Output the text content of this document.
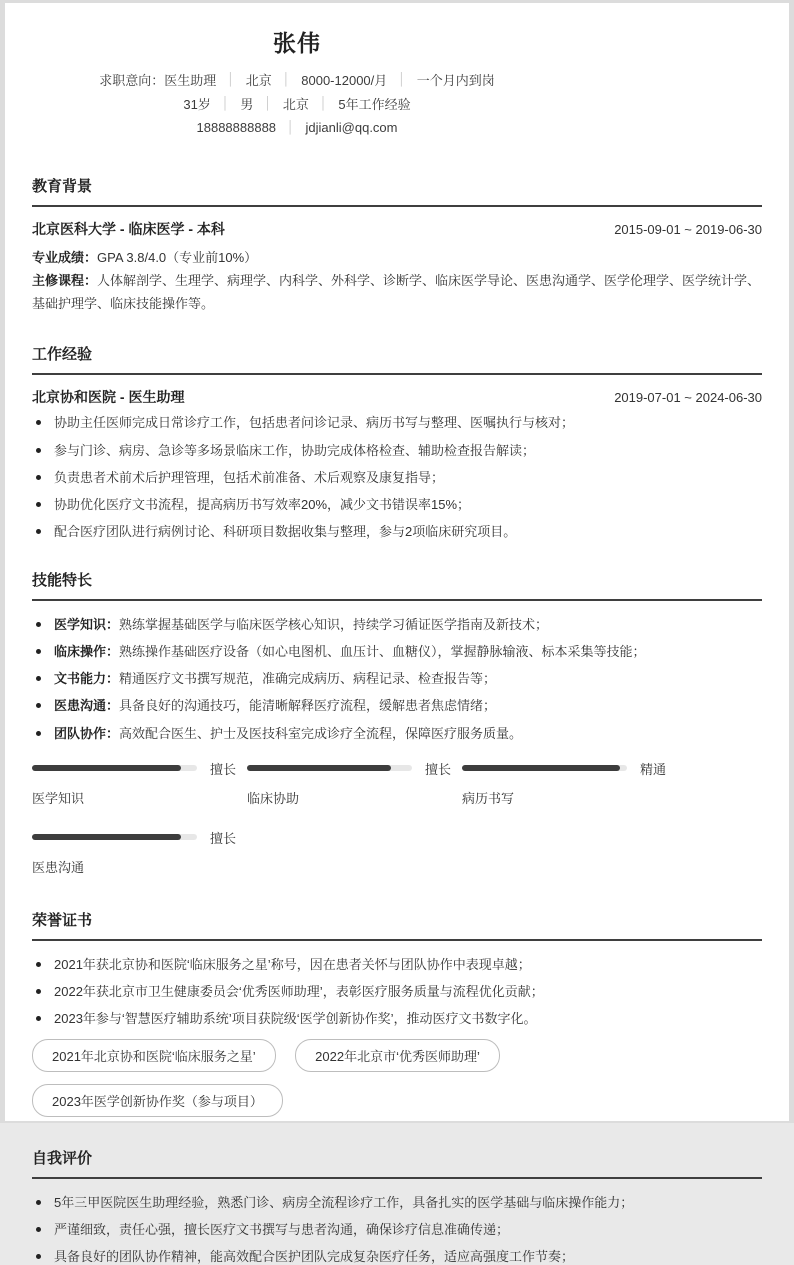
张伟
求职意向： 医生助理 │ 北京 │ 8000-12000/月 │ 一个月内到岗
31岁 │ 男 │ 北京 │ 5年工作经验
18888888888 │ jdjianli@qq.com
教育背景
北京医科大学 - 临床医学 - 本科	2015-09-01 ~ 2019-06-30
专业成绩：GPA 3.8/4.0（专业前10%）
主修课程：人体解剖学、生理学、病理学、内科学、外科学、诊断学、临床医学导论、医患沟通学、医学伦理学、医学统计学、基础护理学、临床技能操作等。
工作经验
北京协和医院 - 医生助理	2019-07-01 ~ 2024-06-30
协助主任医师完成日常诊疗工作，包括患者问诊记录、病历书写与整理、医嘱执行与核对；
参与门诊、病房、急诊等多场景临床工作，协助完成体格检查、辅助检查报告解读；
负责患者术前术后护理管理，包括术前准备、术后观察及康复指导；
协助优化医疗文书流程，提高病历书写效率20%，减少文书错误率15%；
配合医疗团队进行病例讨论、科研项目数据收集与整理，参与2项临床研究项目。
技能特长
医学知识：熟练掌握基础医学与临床医学核心知识，持续学习循证医学指南及新技术；
临床操作：熟练操作基础医疗设备（如心电图机、血压计、血糖仪），掌握静脉输液、标本采集等技能；
文书能力：精通医疗文书撰写规范，准确完成病历、病程记录、检查报告等；
医患沟通：具备良好的沟通技巧，能清晰解释医疗流程，缓解患者焦虑情绪；
团队协作：高效配合医生、护士及医技科室完成诊疗全流程，保障医疗服务质量。
擅长
医学知识
擅长
临床协助
精通
病历书写
擅长
医患沟通
荣誉证书
2021年获北京协和医院‘临床服务之星’称号，因在患者关怀与团队协作中表现卓越；
2022年获北京市卫生健康委员会‘优秀医师助理’，表彰医疗服务质量与流程优化贡献；
2023年参与‘智慧医疗辅助系统’项目获院级‘医学创新协作奖’，推动医疗文书数字化。
2021年北京协和医院‘临床服务之星’	2022年北京市‘优秀医师助理’
2023年医学创新协作奖（参与项目）
自我评价
5年三甲医院医生助理经验，熟悉门诊、病房全流程诊疗工作，具备扎实的医学基础与临床操作能力；
严谨细致，责任心强，擅长医疗文书撰写与患者沟通，确保诊疗信息准确传递；
具备良好的团队协作精神，能高效配合医护团队完成复杂医疗任务，适应高强度工作节奏；
